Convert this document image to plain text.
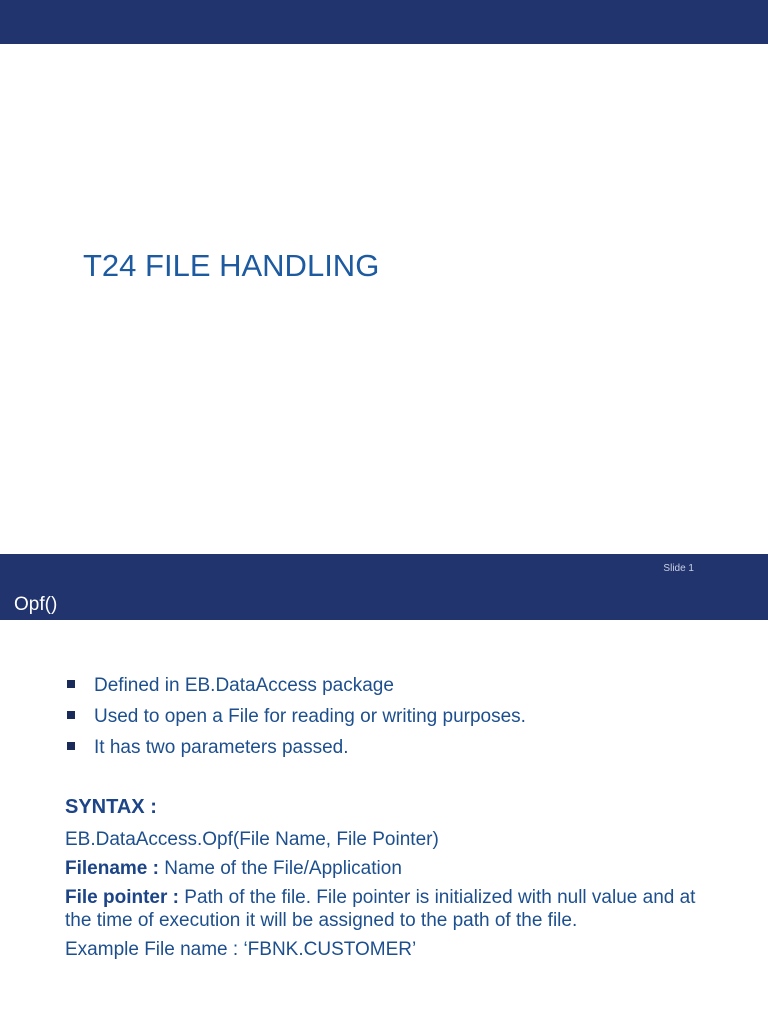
T24 FILE HANDLING
Slide 1
Opf()
Defined in EB.DataAccess package
Used to open a File for reading or writing purposes.
It has two parameters passed.
SYNTAX :
EB.DataAccess.Opf(File Name, File Pointer)
Filename : Name of the File/Application
File pointer : Path of the file. File pointer is initialized with null value and at the time of execution it will be assigned to the path of the file.
Example File name : ‘FBNK.CUSTOMER’
